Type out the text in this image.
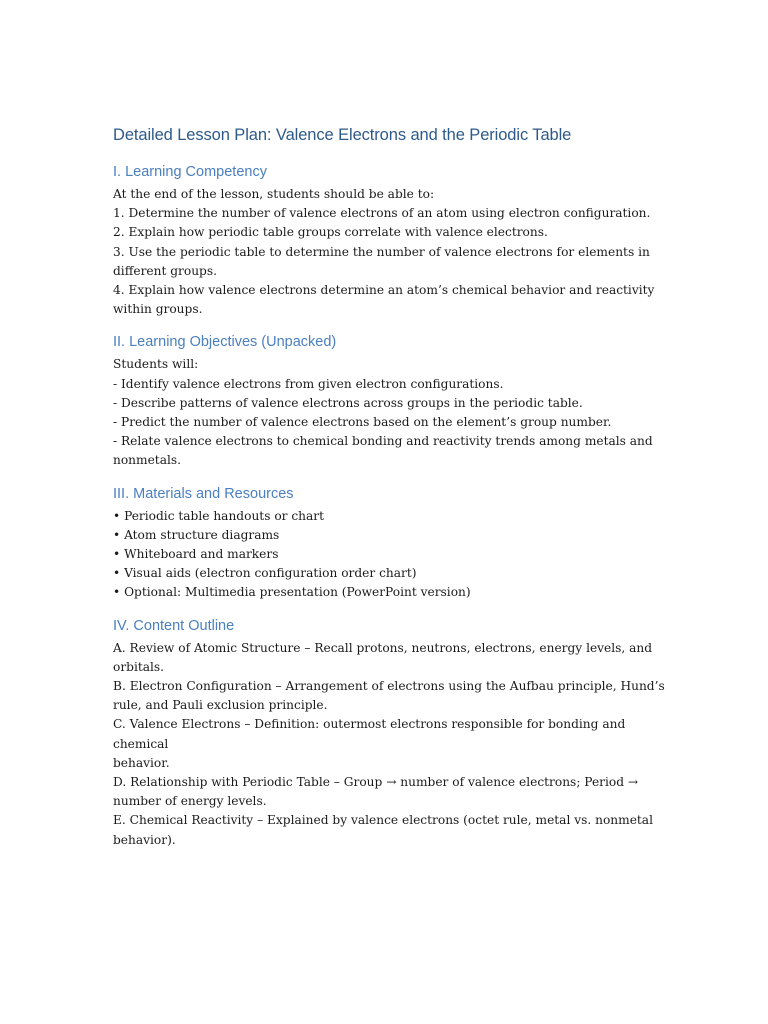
Detailed Lesson Plan: Valence Electrons and the Periodic Table
I. Learning Competency

At the end of the lesson, students should be able to:

1. Determine the number of valence electrons of an atom using electron configuration.

2. Explain how periodic table groups correlate with valence electrons.

3. Use the periodic table to determine the number of valence electrons for elements in

different groups.

4. Explain how valence electrons determine an atom’s chemical behavior and reactivity

within groups.

II. Learning Objectives (Unpacked)

Students will:

- Identify valence electrons from given electron configurations.

- Describe patterns of valence electrons across groups in the periodic table.

- Predict the number of valence electrons based on the element’s group number.

- Relate valence electrons to chemical bonding and reactivity trends among metals and

nonmetals.

III. Materials and Resources

• Periodic table handouts or chart

• Atom structure diagrams

• Whiteboard and markers

• Visual aids (electron configuration order chart)

• Optional: Multimedia presentation (PowerPoint version)

IV. Content Outline

A. Review of Atomic Structure – Recall protons, neutrons, electrons, energy levels, and

orbitals.

B. Electron Configuration – Arrangement of electrons using the Aufbau principle, Hund’s

rule, and Pauli exclusion principle.

C. Valence Electrons – Definition: outermost electrons responsible for bonding and chemical

behavior.

D. Relationship with Periodic Table – Group → number of valence electrons; Period →

number of energy levels.

E. Chemical Reactivity – Explained by valence electrons (octet rule, metal vs. nonmetal

behavior).
